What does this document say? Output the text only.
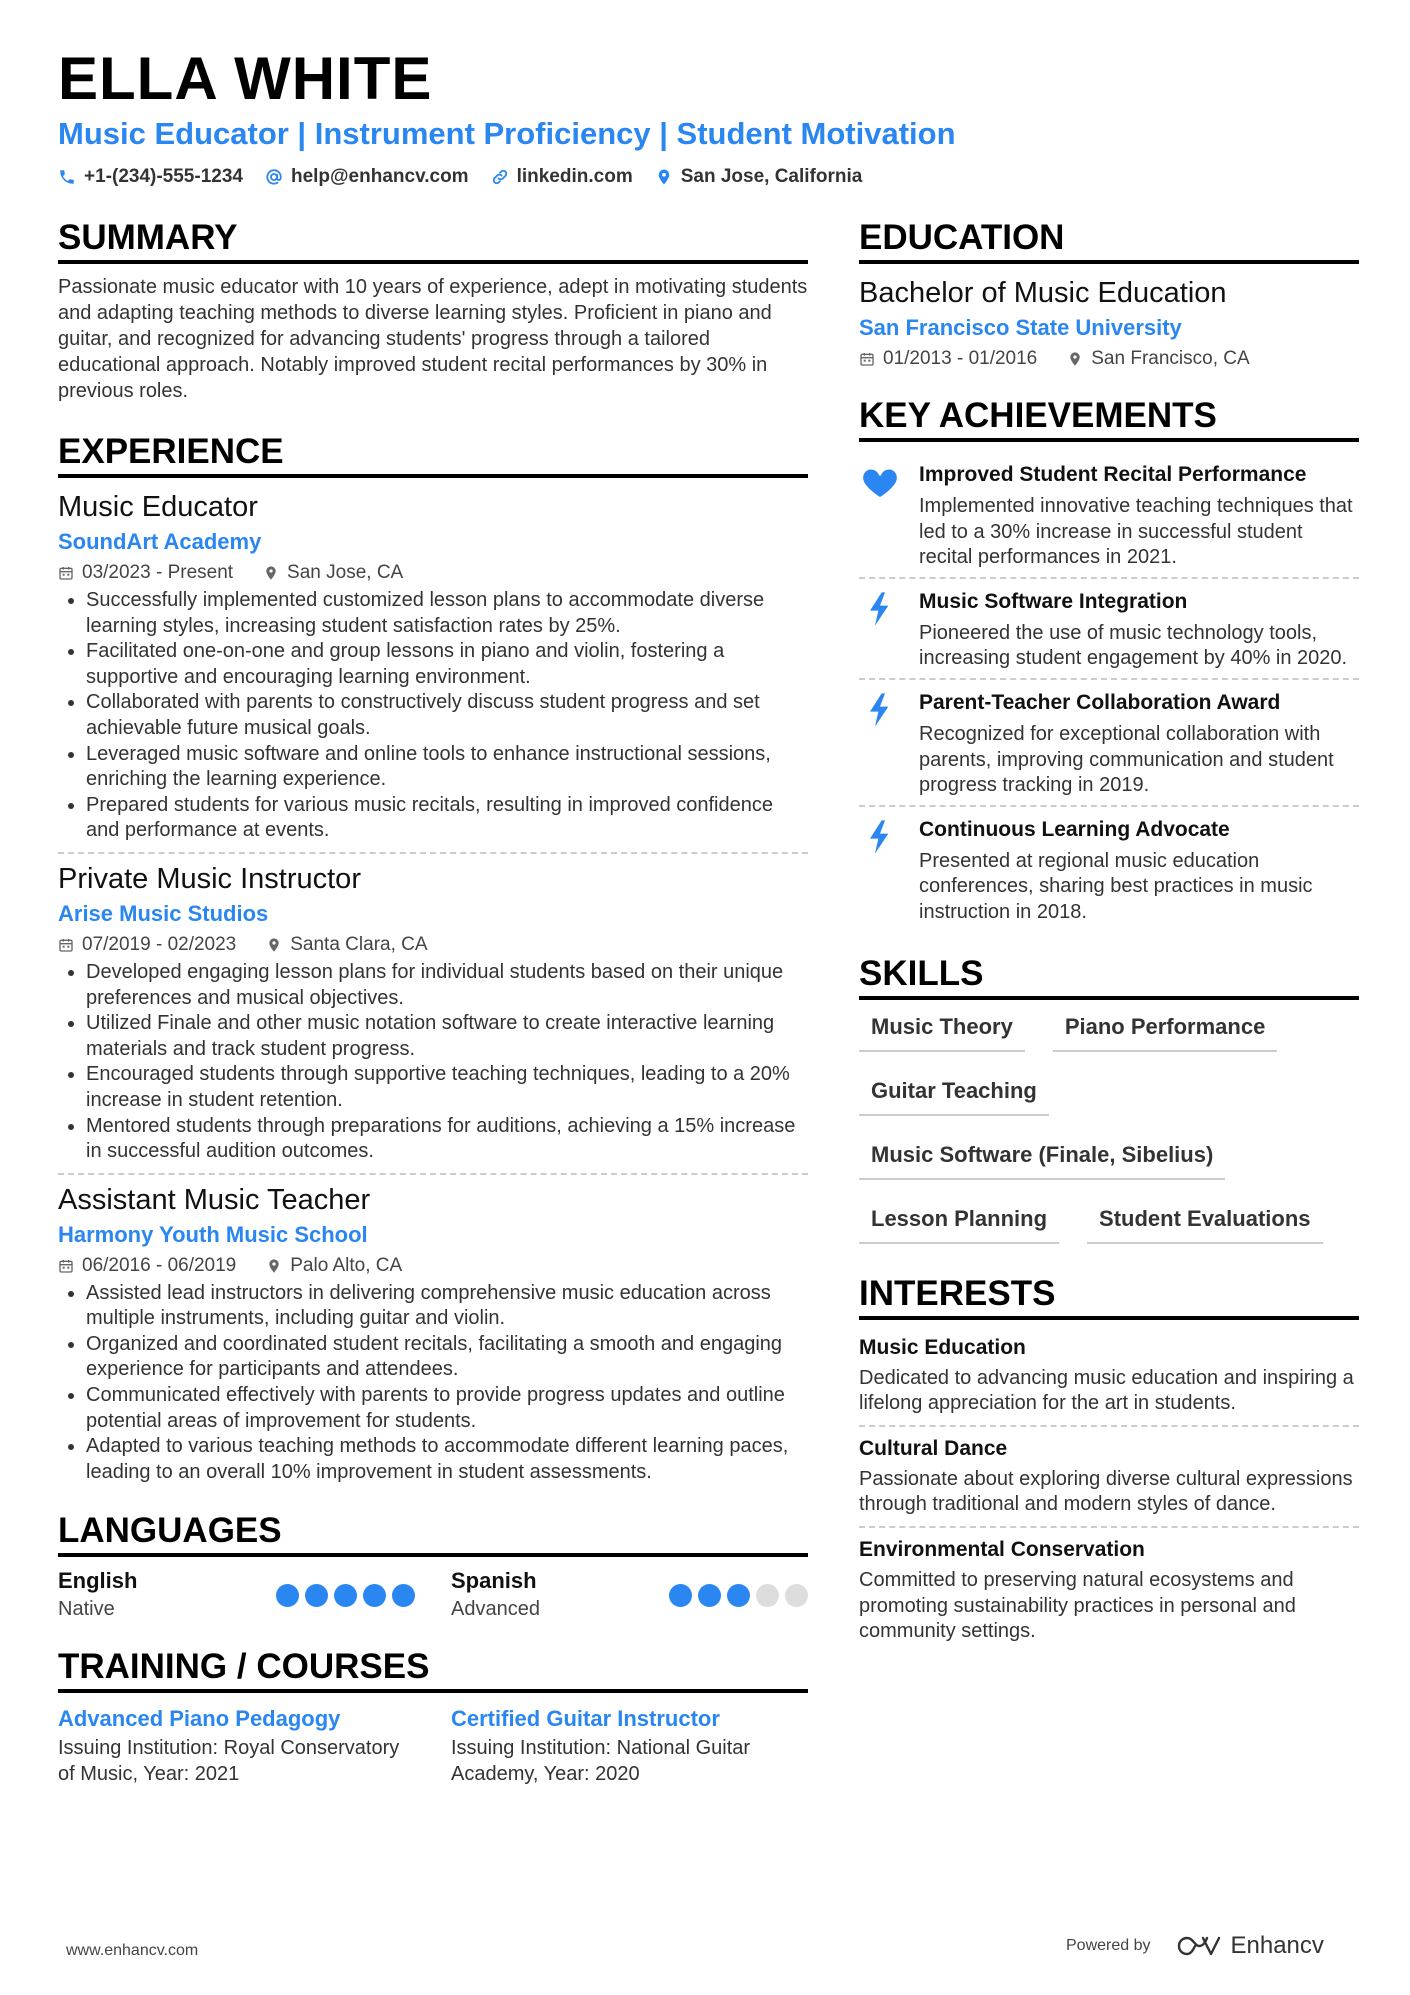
ELLA WHITE
Music Educator | Instrument Proficiency | Student Motivation
+1-(234)-555-1234	help@enhancv.com	linkedin.com	San Jose, California
SUMMARY
Passionate music educator with 10 years of experience, adept in motivating students and adapting teaching methods to diverse learning styles. Proficient in piano and guitar, and recognized for advancing students' progress through a tailored educational approach. Notably improved student recital performances by 30% in previous roles.
EXPERIENCE
Music Educator
SoundArt Academy
03/2023 - Present	San Jose, CA
• Successfully implemented customized lesson plans to accommodate diverse learning styles, increasing student satisfaction rates by 25%.
• Facilitated one-on-one and group lessons in piano and violin, fostering a supportive and encouraging learning environment.
• Collaborated with parents to constructively discuss student progress and set achievable future musical goals.
• Leveraged music software and online tools to enhance instructional sessions, enriching the learning experience.
• Prepared students for various music recitals, resulting in improved confidence and performance at events.
Private Music Instructor
Arise Music Studios
07/2019 - 02/2023	Santa Clara, CA
• Developed engaging lesson plans for individual students based on their unique preferences and musical objectives.
• Utilized Finale and other music notation software to create interactive learning materials and track student progress.
• Encouraged students through supportive teaching techniques, leading to a 20% increase in student retention.
• Mentored students through preparations for auditions, achieving a 15% increase in successful audition outcomes.
Assistant Music Teacher
Harmony Youth Music School
06/2016 - 06/2019	Palo Alto, CA
• Assisted lead instructors in delivering comprehensive music education across multiple instruments, including guitar and violin.
• Organized and coordinated student recitals, facilitating a smooth and engaging experience for participants and attendees.
• Communicated effectively with parents to provide progress updates and outline potential areas of improvement for students.
• Adapted to various teaching methods to accommodate different learning paces, leading to an overall 10% improvement in student assessments.
LANGUAGES
English
Native
Spanish
Advanced
TRAINING / COURSES
Advanced Piano Pedagogy
Issuing Institution: Royal Conservatory of Music, Year: 2021
Certified Guitar Instructor
Issuing Institution: National Guitar Academy, Year: 2020
EDUCATION
Bachelor of Music Education
San Francisco State University
01/2013 - 01/2016	San Francisco, CA
KEY ACHIEVEMENTS
Improved Student Recital Performance
Implemented innovative teaching techniques that led to a 30% increase in successful student recital performances in 2021.
Music Software Integration
Pioneered the use of music technology tools, increasing student engagement by 40% in 2020.
Parent-Teacher Collaboration Award
Recognized for exceptional collaboration with parents, improving communication and student progress tracking in 2019.
Continuous Learning Advocate
Presented at regional music education conferences, sharing best practices in music instruction in 2018.
SKILLS
Music Theory	Piano Performance
Guitar Teaching
Music Software (Finale, Sibelius)
Lesson Planning	Student Evaluations
INTERESTS
Music Education
Dedicated to advancing music education and inspiring a lifelong appreciation for the art in students.
Cultural Dance
Passionate about exploring diverse cultural expressions through traditional and modern styles of dance.
Environmental Conservation
Committed to preserving natural ecosystems and promoting sustainability practices in personal and community settings.
www.enhancv.com	Powered by	Enhancv
